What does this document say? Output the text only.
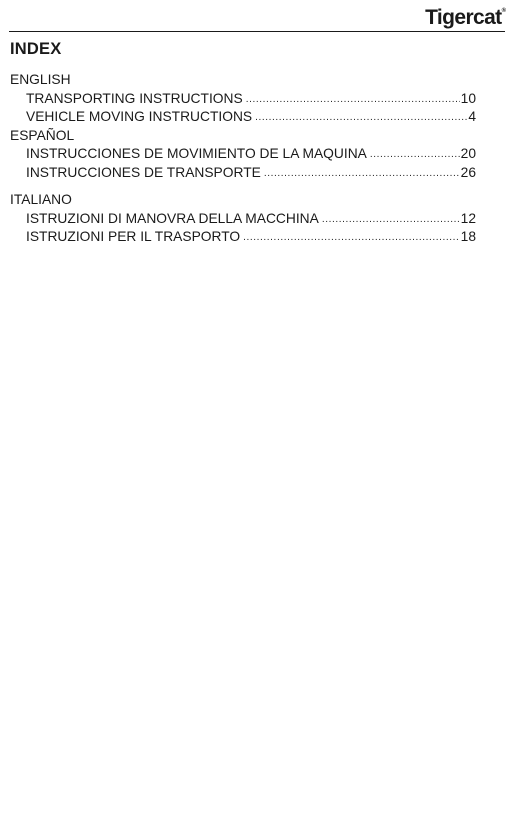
Tigercat®
INDEX
ENGLISH
TRANSPORTING INSTRUCTIONS .....	10
VEHICLE MOVING INSTRUCTIONS .....	4
ESPAÑOL
INSTRUCCIONES DE MOVIMIENTO DE LA MAQUINA .....	20
INSTRUCCIONES DE TRANSPORTE .....	26
ITALIANO
ISTRUZIONI DI MANOVRA DELLA MACCHINA .....	12
ISTRUZIONI PER IL TRASPORTO .....	18
